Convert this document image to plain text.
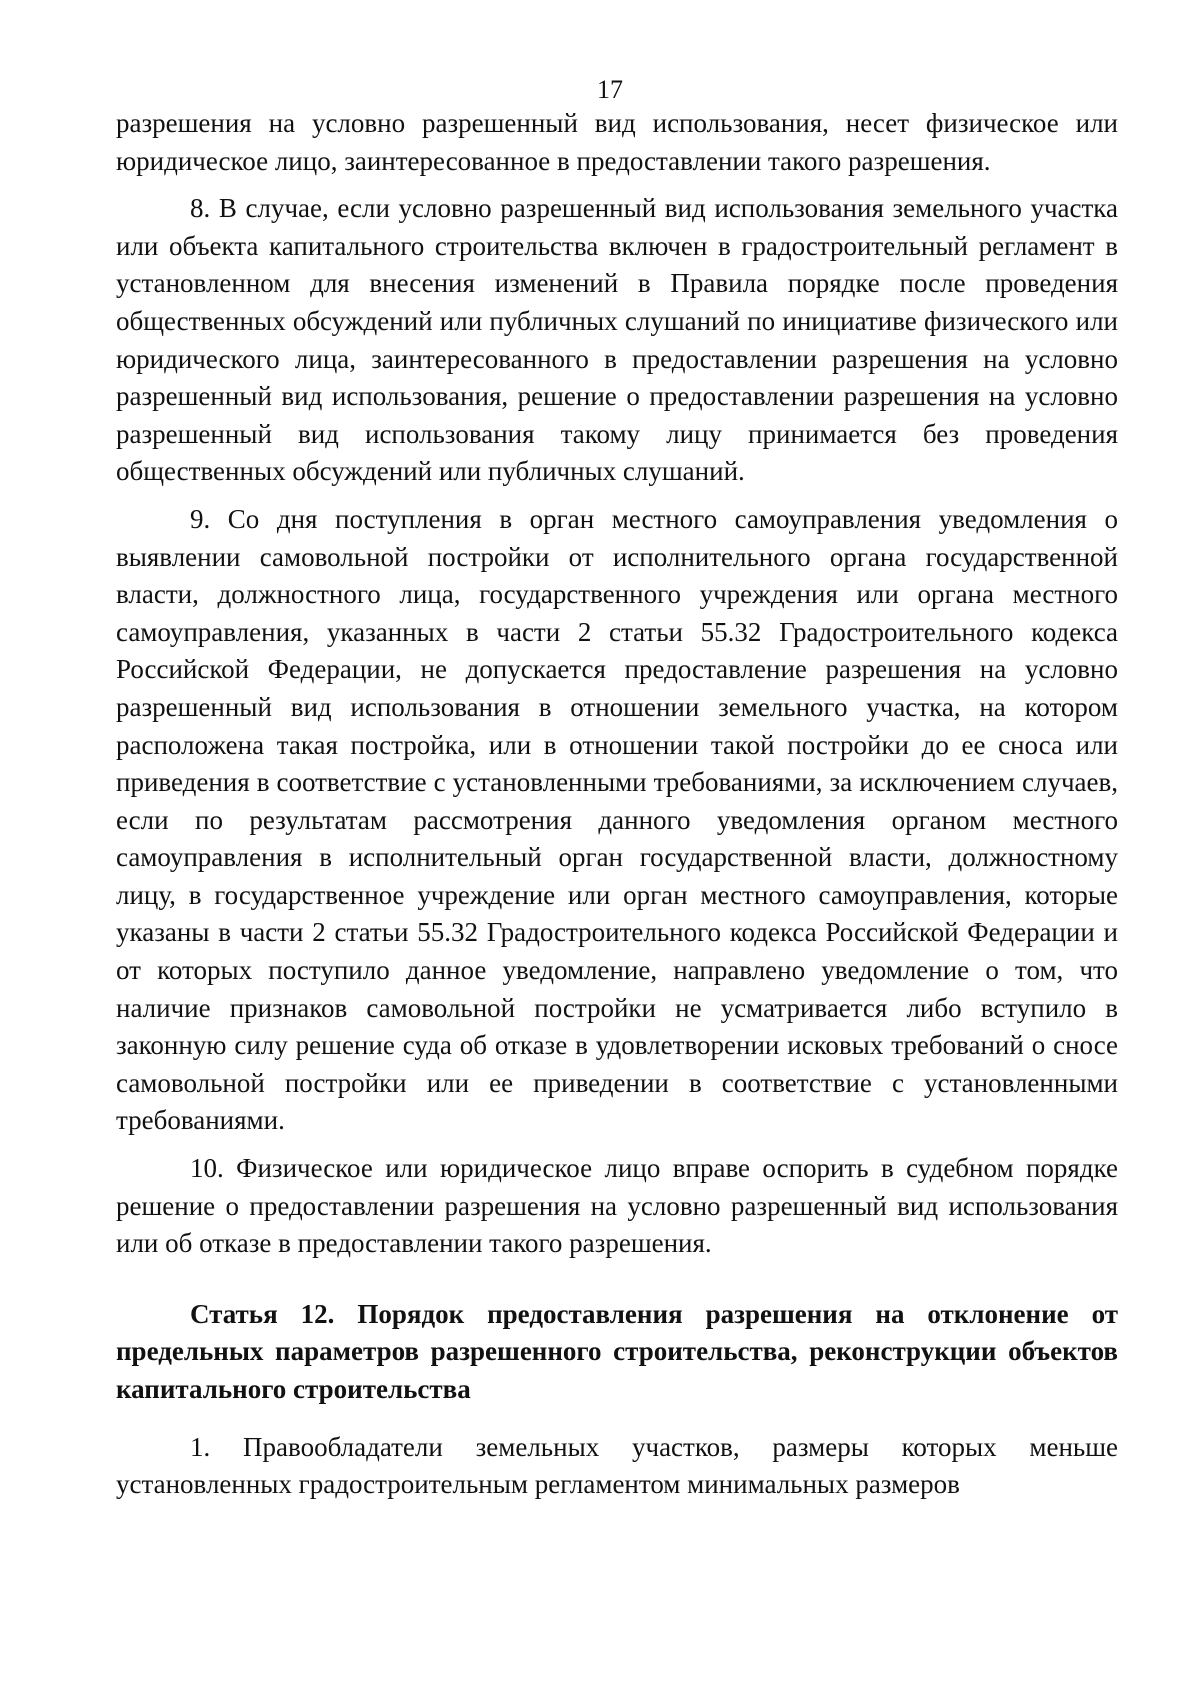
17

разрешения на условно разрешенный вид использования, несет физическое или юридическое лицо, заинтересованное в предоставлении такого разрешения.

8. В случае, если условно разрешенный вид использования земельного участка или объекта капитального строительства включен в градостроительный регламент в установленном для внесения изменений в Правила порядке после проведения общественных обсуждений или публичных слушаний по инициативе физического или юридического лица, заинтересованного в предоставлении разрешения на условно разрешенный вид использования, решение о предоставлении разрешения на условно разрешенный вид использования такому лицу принимается без проведения общественных обсуждений или публичных слушаний.

9. Со дня поступления в орган местного самоуправления уведомления о выявлении самовольной постройки от исполнительного органа государственной власти, должностного лица, государственного учреждения или органа местного самоуправления, указанных в части 2 статьи 55.32 Градостроительного кодекса Российской Федерации, не допускается предоставление разрешения на условно разрешенный вид использования в отношении земельного участка, на котором расположена такая постройка, или в отношении такой постройки до ее сноса или приведения в соответствие с установленными требованиями, за исключением случаев, если по результатам рассмотрения данного уведомления органом местного самоуправления в исполнительный орган государственной власти, должностному лицу, в государственное учреждение или орган местного самоуправления, которые указаны в части 2 статьи 55.32 Градостроительного кодекса Российской Федерации и от которых поступило данное уведомление, направлено уведомление о том, что наличие признаков самовольной постройки не усматривается либо вступило в законную силу решение суда об отказе в удовлетворении исковых требований о сносе самовольной постройки или ее приведении в соответствие с установленными требованиями.

10. Физическое или юридическое лицо вправе оспорить в судебном порядке решение о предоставлении разрешения на условно разрешенный вид использования или об отказе в предоставлении такого разрешения.

Статья 12. Порядок предоставления разрешения на отклонение от предельных параметров разрешенного строительства, реконструкции объектов капитального строительства

1. Правообладатели земельных участков, размеры которых меньше установленных градостроительным регламентом минимальных размеров
